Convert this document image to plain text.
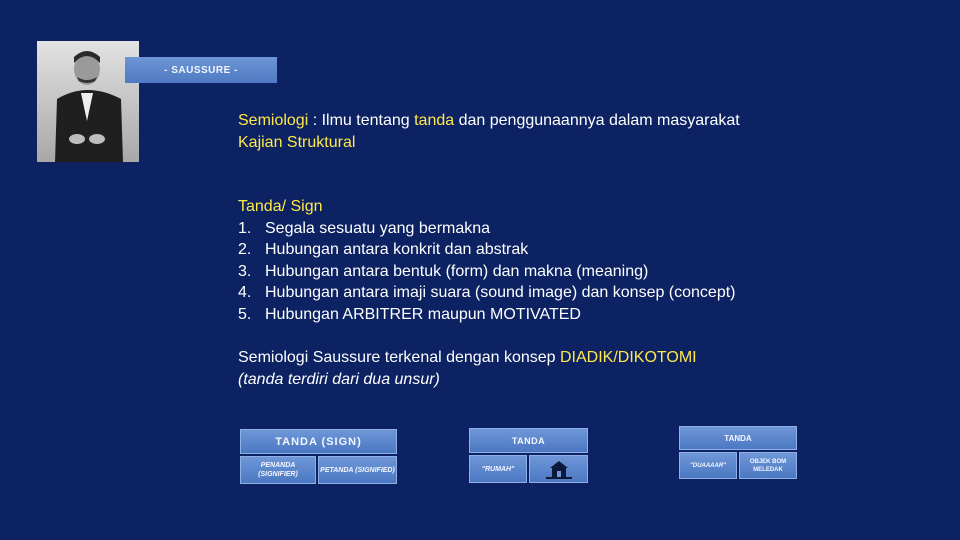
- SAUSSURE -
Semiologi : Ilmu tentang tanda dan penggunaannya dalam masyarakat
Kajian Struktural
Tanda/ Sign
1. Segala sesuatu yang bermakna
2. Hubungan antara konkrit dan abstrak
3. Hubungan antara bentuk (form) dan makna (meaning)
4. Hubungan antara imaji suara (sound image) dan konsep (concept)
5. Hubungan ARBITRER maupun MOTIVATED
Semiologi Saussure terkenal dengan konsep DIADIK/DIKOTOMI
(tanda terdiri dari dua unsur)
TANDA (SIGN)
PENANDA (SIGNIFIER)
PETANDA (SIGNIFIED)
TANDA
"RUMAH"
TANDA
"DUAAAAR"
OBJEK BOM MELEDAK
